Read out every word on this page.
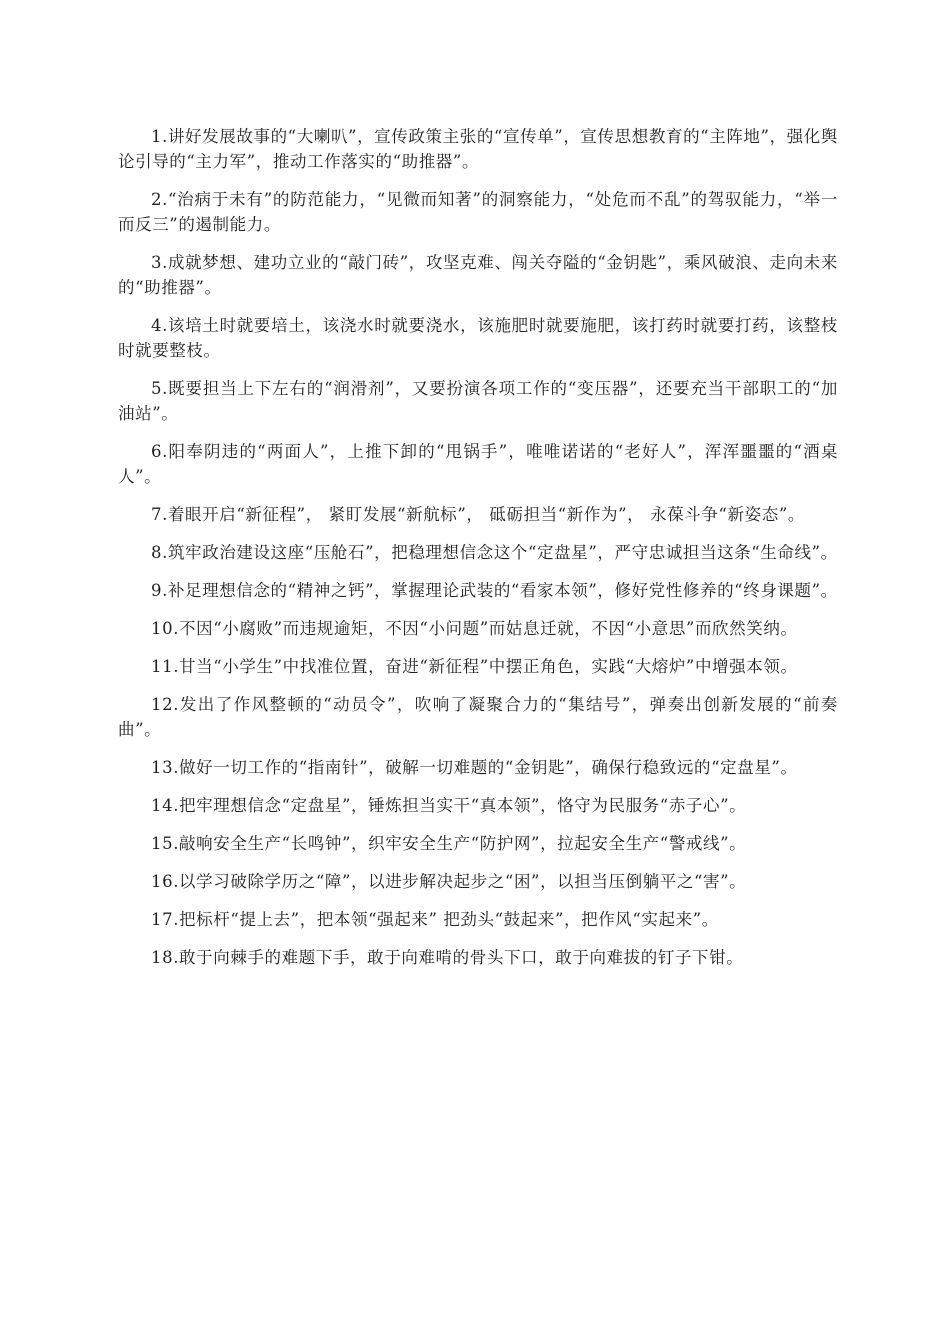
1.讲好发展故事的“大喇叭”，宣传政策主张的“宣传单”，宣传思想教育的“主阵地”，强化舆论引导的“主力军”，推动工作落实的“助推器”。

2.“治病于未有”的防范能力，“见微而知著”的洞察能力，“处危而不乱”的驾驭能力，“举一而反三”的遏制能力。

3.成就梦想、建功立业的“敲门砖”，攻坚克难、闯关夺隘的“金钥匙”，乘风破浪、走向未来的“助推器”。

4.该培土时就要培土，该浇水时就要浇水，该施肥时就要施肥，该打药时就要打药，该整枝时就要整枝。

5.既要担当上下左右的“润滑剂”，又要扮演各项工作的“变压器”，还要充当干部职工的“加油站”。

6.阳奉阴违的“两面人”，上推下卸的“甩锅手”，唯唯诺诺的“老好人”，浑浑噩噩的“酒桌人”。

7.着眼开启“新征程”， 紧盯发展“新航标”， 砥砺担当“新作为”， 永葆斗争“新姿态”。

8.筑牢政治建设这座“压舱石”，把稳理想信念这个“定盘星”，严守忠诚担当这条“生命线”。

9.补足理想信念的“精神之钙”，掌握理论武装的“看家本领”，修好党性修养的“终身课题”。

10.不因“小腐败”而违规逾矩，不因“小问题”而姑息迁就，不因“小意思”而欣然笑纳。

11.甘当“小学生”中找准位置，奋进“新征程”中摆正角色，实践“大熔炉”中增强本领。

12.发出了作风整顿的“动员令”，吹响了凝聚合力的“集结号”，弹奏出创新发展的“前奏曲”。

13.做好一切工作的“指南针”，破解一切难题的“金钥匙”，确保行稳致远的“定盘星”。

14.把牢理想信念“定盘星”，锤炼担当实干“真本领”，恪守为民服务“赤子心”。

15.敲响安全生产“长鸣钟”，织牢安全生产“防护网”，拉起安全生产“警戒线”。

16.以学习破除学历之“障”，以进步解决起步之“困”，以担当压倒躺平之“害”。

17.把标杆“提上去”，把本领“强起来” 把劲头“鼓起来”，把作风“实起来”。

18.敢于向棘手的难题下手，敢于向难啃的骨头下口，敢于向难拔的钉子下钳。
